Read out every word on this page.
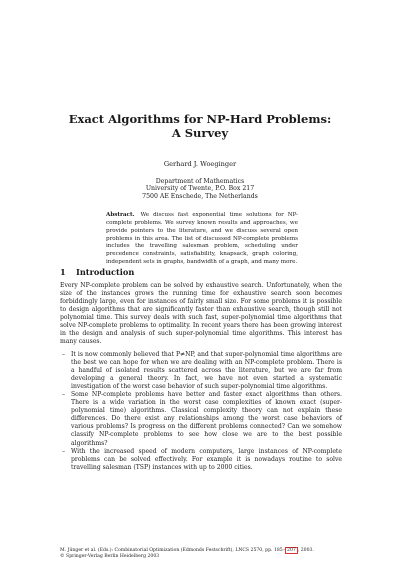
Exact Algorithms for NP-Hard Problems:
A Survey
Gerhard J. Woeginger
Department of Mathematics
University of Twente, P.O. Box 217
7500 AE Enschede, The Netherlands
Abstract. We discuss fast exponential time solutions for NP-complete problems. We survey known results and approaches, we provide pointers to the literature, and we discuss several open problems in this area. The list of discussed NP-complete problems includes the travelling salesman problem, scheduling under precedence constraints, satisfiability, knapsack, graph coloring, independent sets in graphs, bandwidth of a graph, and many more.
1 Introduction
Every NP-complete problem can be solved by exhaustive search. Unfortunately, when the size of the instances grows the running time for exhaustive search soon becomes forbiddingly large, even for instances of fairly small size. For some problems it is possible to design algorithms that are significantly faster than exhaustive search, though still not polynomial time. This survey deals with such fast, super-polynomial time algorithms that solve NP-complete problems to optimality. In recent years there has been growing interest in the design and analysis of such super-polynomial time algorithms. This interest has many causes.
– It is now commonly believed that P≠NP, and that super-polynomial time algorithms are the best we can hope for when we are dealing with an NP-complete problem. There is a handful of isolated results scattered across the literature, but we are far from developing a general theory. In fact, we have not even started a systematic investigation of the worst case behavior of such super-polynomial time algorithms.
– Some NP-complete problems have better and faster exact algorithms than others. There is a wide variation in the worst case complexities of known exact (super-polynomial time) algorithms. Classical complexity theory can not explain these differences. Do there exist any relationships among the worst case behaviors of various problems? Is progress on the different problems connected? Can we somehow classify NP-complete problems to see how close we are to the best possible algorithms?
– With the increased speed of modern computers, large instances of NP-complete problems can be solved effectively. For example it is nowadays routine to solve travelling salesman (TSP) instances with up to 2000 cities.
M. Jünger et al. (Eds.): Combinatorial Optimization (Edmonds Festschrift), LNCS 2570, pp. 185– 207 , 2003.
© Springer-Verlag Berlin Heidelberg 2003
